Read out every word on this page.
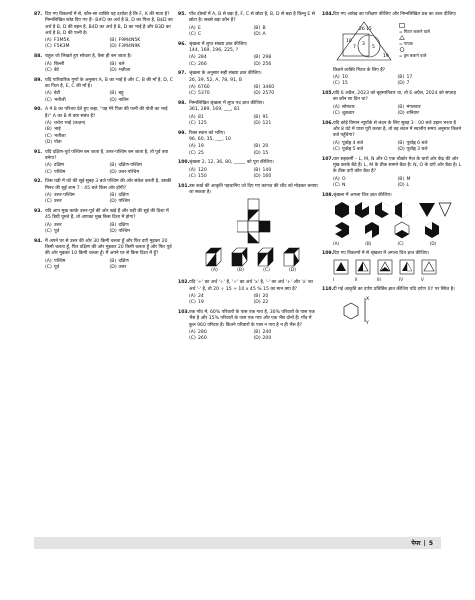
87. दिए गए विकल्पों में से, कौन-सा व्यक्ति यह दर्शाता है कि F, K की माता है?
निम्नलिखित कोड दिए गए हैं– B#D का अर्थ है B, D का पिता है, B$D का अर्थ है B, D की बहन है, B4D का अर्थ है B, D का भाई है और B3D का अर्थ है B, D की पत्नी है।
(A) F3M5K	(B) F9M4N5K
(C) F5K3M	(D) F3M4N9K
88. राहुल जो लिखते हुए सोचता है, वैसा ही बन जाता है।
(A) बिल्ली	(B) चले
(C) बेटे	(D) भतीजा
89. यदि पारिवारिक गुणों के अनुसार A, B का भाई है और C, B की माँ है, D, C का पिता है, E, C की माँ है।
(A) बेटी	(B) बहू
(C) भतीजी	(D) नातिन
90. A ने B का परिचय देते हुए कहा, "यह मेरे पिता की पत्नी की पोती का भाई है।" A का B से क्या संबंध है?
(A) चचेरा भाई (कज़न)
(B) भाई
(C) भतीजा
(D) पोता
91. यदि दक्षिण-पूर्व पश्चिम बन जाता है, उत्तर-पश्चिम बन जाता है, तो पूर्व क्या बनेगा?
(A) दक्षिण	(B) दक्षिण-पश्चिम
(C) पश्चिम	(D) उत्तर-पश्चिम
92. जिस घड़ी में घंटे की सुई सुबह 3 बजे पश्चिम की ओर संकेत करती है, उसकी मिनट की सुई शाम 7 : 45 बजे किस ओर होगी?
(A) उत्तर-पश्चिम	(B) दक्षिण
(C) उत्तर	(D) पश्चिम
93. यदि आप मुख करके उत्तर-पूर्व की ओर खड़े हैं और घड़ी की सुई की दिशा में 45 डिग्री घूमते हैं, तो आपका मुख किस दिशा में होगा?
(A) उत्तर	(B) दक्षिण
(C) पूर्व	(D) पश्चिम
94. मैं अपने घर से उत्तर की ओर 30 किमी चलता हूँ और फिर दाएँ मुड़कर 20 किमी चलता हूँ, फिर दक्षिण की ओर मुड़कर 20 किमी चलता हूँ और फिर पूर्व की ओर मुड़कर 10 किमी चलता हूँ। मैं अपने घर से किस दिशा में हूँ?
(A) पश्चिम	(B) दक्षिण
(C) पूर्व	(D) उत्तर
95. पाँच दोस्तों में A, B से बड़ा है, F, C से छोटा है, B, D से बड़ा है किन्तु E से छोटा है। सबसे बड़ा कौन है?
(A) E	(B) B
(C) C	(D) A
96. श्रृंखला में लुप्त संख्या ज्ञात कीजिए।
144, 169, 196, 225, ?
(A) 284	(B) 298
(C) 266	(D) 256
97. श्रृंखला के अनुसार सही संख्या ज्ञात कीजिए।
26, 39, 52, A, 78, 91, B
(A) 6760	(B) 3460
(C) 5370	(D) 2570
98. निम्नलिखित श्रृंखला में लुप्त पद ज्ञात कीजिए।
361, 289, 169, ___, 81
(A) 81	(B) 91
(C) 125	(D) 121
99. रिक्त स्थान को भरिए।
96, 60, 35, ___, 10
(A) 19	(B) 20
(C) 25	(D) 15
100. श्रृंखला 2, 12, 36, 80, _____ को पूरा कीजिए।
(A) 120	(B) 140
(C) 150	(D) 160
101. उस कार्ड की आकृति पहचानिए जो दिए गए कागज़ की शीट को मोड़कर बनाया जा सकता है।
(A)	(B)	(C)	(D)
102. यदि '+' का अर्थ '÷' है, '÷' का अर्थ 'x' है, '-' का अर्थ '+' और 'x' का अर्थ '-' है, तो 20 ÷ 15 + 10 x 45 % 15 का मान क्या है?
(A) 24	(B) 20
(C) 19	(D) 22
103. एक गाँव में, 60% परिवारों के पास एक गाय है, 30% परिवारों के पास एक भैंस है और 15% परिवारों के पास एक गाय और एक भैंस दोनों हैं। गाँव में कुल 960 परिवार हैं। कितने परिवारों के पास न गाय है न ही भैंस है?
(A) 280	(B) 240
(C) 260	(D) 200
104. दिए गए आरेख का परीक्षण कीजिए और निम्नलिखित प्रश्न का उत्तर दीजिए।
26 15
10
7
3
5
19
= गिटार बजाने वाले
= गायक
= ड्रम बजाने वाले
कितने व्यक्ति गिटार के लिए हैं?
(A) 10	(B) 17
(C) 15	(D) 7
105. यदि 6 अप्रैल, 2023 को बृहस्पतिवार था, तो 6 अप्रैल, 2024 को सप्ताह का कौन सा दिन था?
(A) सोमवार	(B) मंगलवार
(C) शुक्रवार	(D) शनिवार
106. यदि कोई विमान न्यूयॉर्क से लंदन के लिए सुबह 3 : 00 बजे उड़ान भरता है और 8 घंटे में यात्रा पूरी करता है, तो वह लंदन में स्थानीय समय अनुसार कितने बजे पहुँचेगा?
(A) पूर्वाह्न 4 बजे	(B) पूर्वाह्न 6 बजे
(C) पूर्वाह्न 5 बजे	(D) पूर्वाह्न 3 बजे
107. चार सहकर्मी – L, M, N और O एक चौकोर मेज़ के चारों ओर केंद्र की ओर मुख करके बैठे हैं। L, M के ठीक सामने बैठा है। N, O के दाएँ ओर बैठा है। L के ठीक दाएँ कौन बैठा है?
(A) O	(B) M
(C) N	(D) L
108. श्रृंखला में अगला चित्र ज्ञात कीजिए।
(A)	(B)	(C)	(D)
109. दिए गए विकल्पों में से श्रृंखला में अगला चित्र ज्ञात कीजिए।
I	II	III	IV	V
110. दी गई आकृति का दर्पण प्रतिबिंब ज्ञात कीजिए यदि दर्पण XY पर स्थित है।
X
Y
पेपर | 5
